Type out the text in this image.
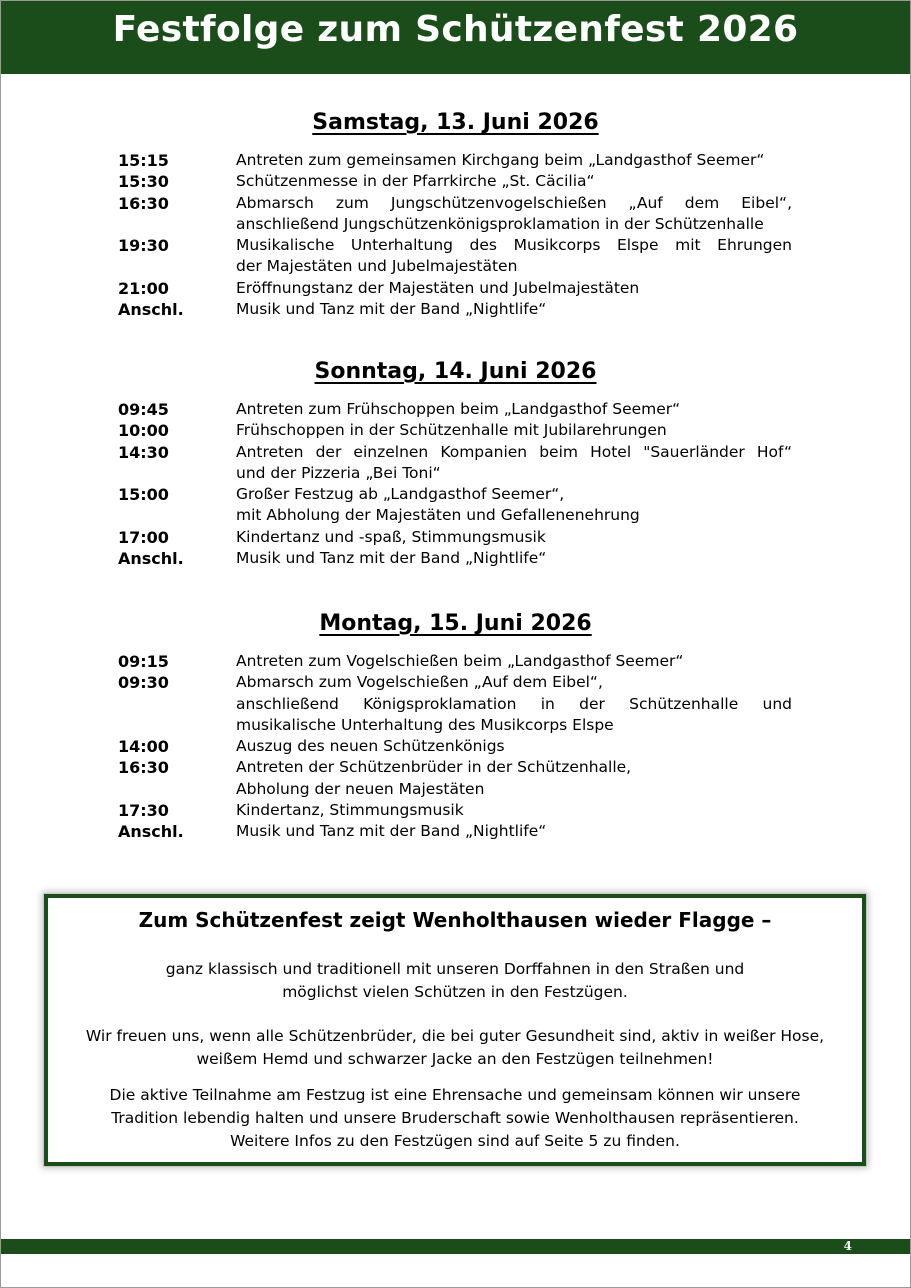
Festfolge zum Schützenfest 2026
Samstag, 13. Juni 2026
15:15	Antreten zum gemeinsamen Kirchgang beim „Landgasthof Seemer“
15:30	Schützenmesse in der Pfarrkirche „St. Cäcilia“
16:30	Abmarsch zum Jungschützenvogelschießen „Auf dem Eibel“,
anschließend Jungschützenkönigsproklamation in der Schützenhalle
19:30	Musikalische Unterhaltung des Musikcorps Elspe mit Ehrungen
der Majestäten und Jubelmajestäten
21:00	Eröffnungstanz der Majestäten und Jubelmajestäten
Anschl.	Musik und Tanz mit der Band „Nightlife“
Sonntag, 14. Juni 2026
09:45	Antreten zum Frühschoppen beim „Landgasthof Seemer“
10:00	Frühschoppen in der Schützenhalle mit Jubilarehrungen
14:30	Antreten der einzelnen Kompanien beim Hotel "Sauerländer Hof“
und der Pizzeria „Bei Toni“
15:00	Großer Festzug ab „Landgasthof Seemer“,
mit Abholung der Majestäten und Gefallenenehrung
17:00	Kindertanz und -spaß, Stimmungsmusik
Anschl.	Musik und Tanz mit der Band „Nightlife“
Montag, 15. Juni 2026
09:15	Antreten zum Vogelschießen beim „Landgasthof Seemer“
09:30	Abmarsch zum Vogelschießen „Auf dem Eibel“,
anschließend Königsproklamation in der Schützenhalle und
musikalische Unterhaltung des Musikcorps Elspe
14:00	Auszug des neuen Schützenkönigs
16:30	Antreten der Schützenbrüder in der Schützenhalle,
Abholung der neuen Majestäten
17:30	Kindertanz, Stimmungsmusik
Anschl.	Musik und Tanz mit der Band „Nightlife“
Zum Schützenfest zeigt Wenholthausen wieder Flagge –
ganz klassisch und traditionell mit unseren Dorffahnen in den Straßen und
möglichst vielen Schützen in den Festzügen.
Wir freuen uns, wenn alle Schützenbrüder, die bei guter Gesundheit sind, aktiv in weißer Hose,
weißem Hemd und schwarzer Jacke an den Festzügen teilnehmen!
Die aktive Teilnahme am Festzug ist eine Ehrensache und gemeinsam können wir unsere
Tradition lebendig halten und unsere Bruderschaft sowie Wenholthausen repräsentieren.
Weitere Infos zu den Festzügen sind auf Seite 5 zu finden.
4
